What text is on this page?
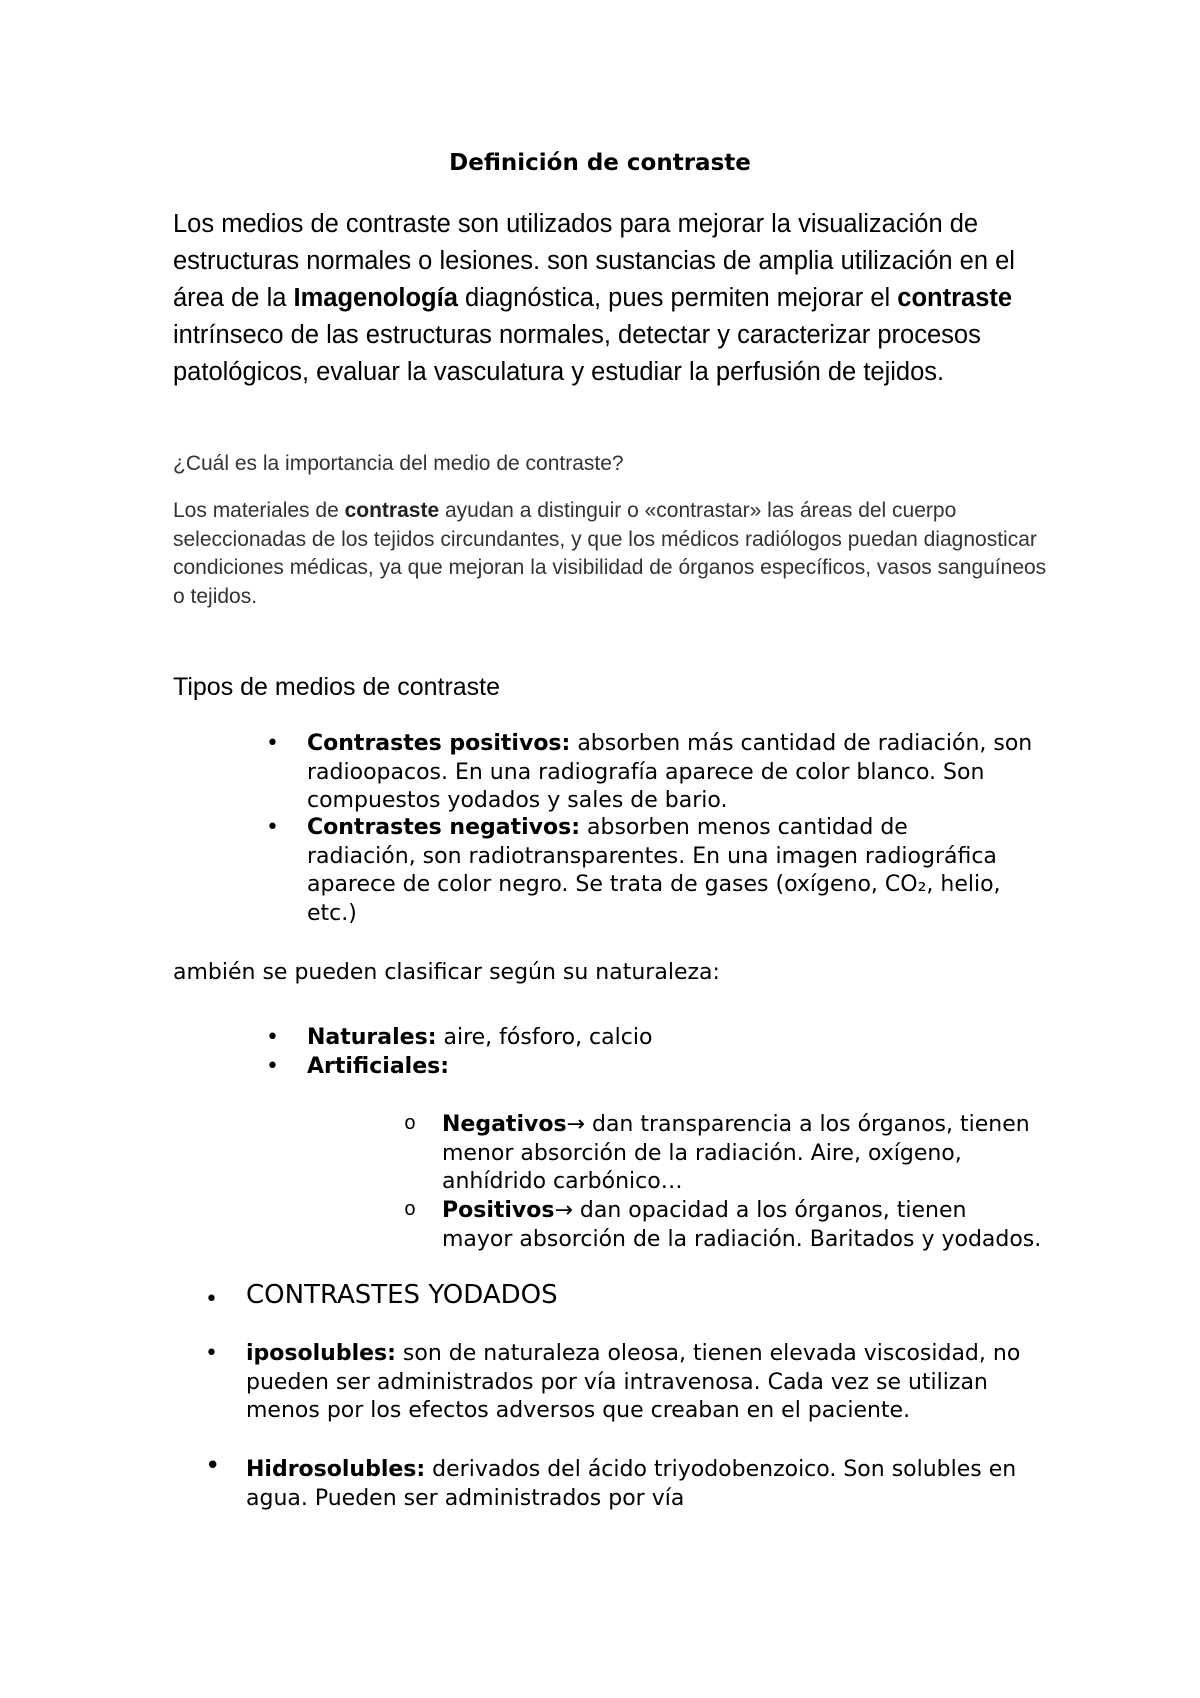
Definición de contraste

Los medios de contraste son utilizados para mejorar la visualización de estructuras normales o lesiones. son sustancias de amplia utilización en el área de la Imagenología diagnóstica, pues permiten mejorar el contraste intrínseco de las estructuras normales, detectar y caracterizar procesos patológicos, evaluar la vasculatura y estudiar la perfusión de tejidos.

¿Cuál es la importancia del medio de contraste?

Los materiales de contraste ayudan a distinguir o «contrastar» las áreas del cuerpo seleccionadas de los tejidos circundantes, y que los médicos radiólogos puedan diagnosticar condiciones médicas, ya que mejoran la visibilidad de órganos específicos, vasos sanguíneos o tejidos.

Tipos de medios de contraste
• Contrastes positivos: absorben más cantidad de radiación, son radioopacos. En una radiografía aparece de color blanco. Son compuestos yodados y sales de bario.
• Contrastes negativos: absorben menos cantidad de radiación, son radiotransparentes. En una imagen radiográfica aparece de color negro. Se trata de gases (oxígeno, CO₂, helio, etc.)

ambién se pueden clasificar según su naturaleza:

• Naturales: aire, fósforo, calcio
• Artificiales:
o Negativos→ dan transparencia a los órganos, tienen menor absorción de la radiación. Aire, oxígeno, anhídrido carbónico…
o Positivos→ dan opacidad a los órganos, tienen mayor absorción de la radiación. Baritados y yodados.
• CONTRASTES YODADOS
• iposolubles: son de naturaleza oleosa, tienen elevada viscosidad, no pueden ser administrados por vía intravenosa. Cada vez se utilizan menos por los efectos adversos que creaban en el paciente.
• Hidrosolubles: derivados del ácido triyodobenzoico. Son solubles en agua. Pueden ser administrados por vía
